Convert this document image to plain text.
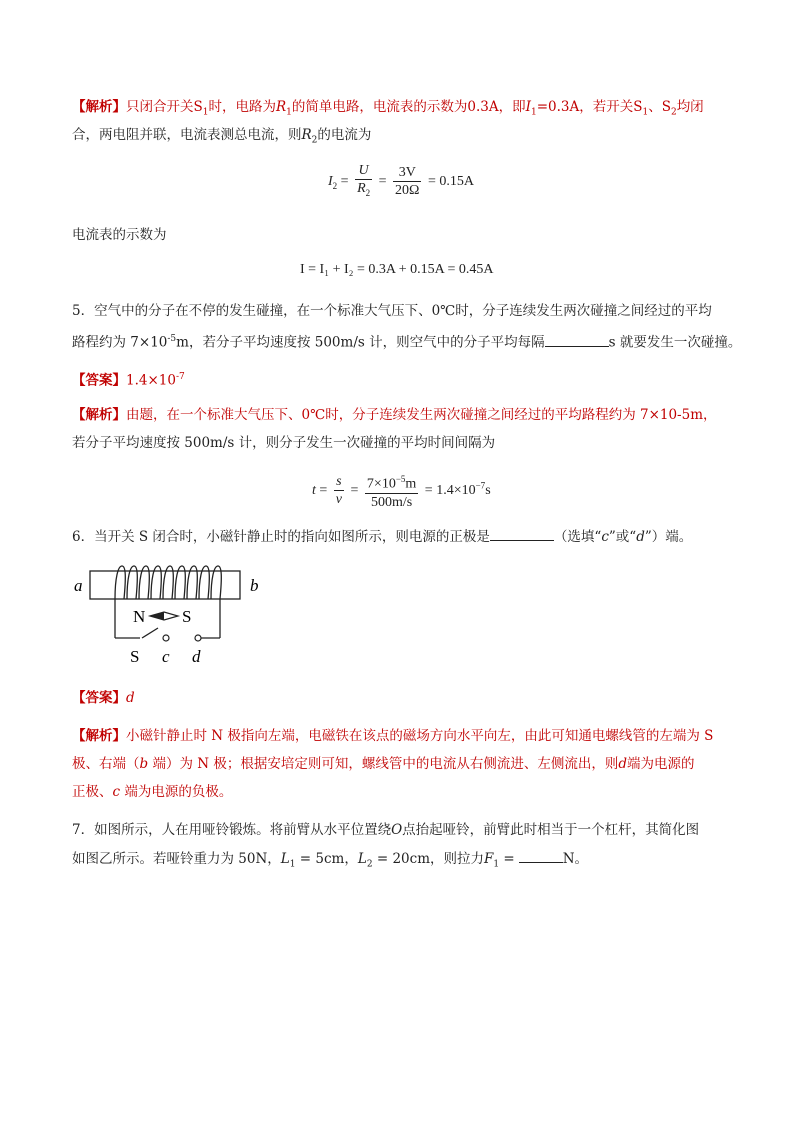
【解析】只闭合开关$S_1$时，电路为$R_1$的简单电路，电流表的示数为0.3A，即$I_1=0.3A$，若开关$S_1$、$S_2$均闭
合，两电阻并联，电流表测总电流，则$R_2$的电流为
$I_2 = \frac{U}{R_2} = \frac{3V}{20\Omega} = 0.15A$
电流表的示数为
I = I₁ + I₂ = 0.3A + 0.15A = 0.45A
5．空气中的分子在不停的发生碰撞，在一个标准大气压下、0℃时，分子连续发生两次碰撞之间经过的平均
路程约为 $7\times 10^{-5}m$，若分子平均速度按 500m/s 计，则空气中的分子平均每隔	s 就要发生一次碰撞。
【答案】$1.4\times 10^{-7}$
【解析】由题，在一个标准大气压下、0℃时，分子连续发生两次碰撞之间经过的平均路程约为 7×10-5m，
若分子平均速度按 500m/s 计，则分子发生一次碰撞的平均时间间隔为
$t = \frac{s}{v} = \frac{7\times 10^{-5}m}{500m/s} = 1.4\times 10^{-7}s$
6．当开关 S 闭合时，小磁针静止时的指向如图所示，则电源的正极是	（选填“c”或“d”）端。
a	b
N S
S c d
【答案】d
【解析】小磁针静止时 N 极指向左端，电磁铁在该点的磁场方向水平向左，由此可知通电螺线管的左端为 S
极、右端（b 端）为 N 极；根据安培定则可知，螺线管中的电流从右侧流进、左侧流出，则d端为电源的
正极、c 端为电源的负极。
7．如图所示，人在用哑铃锻炼。将前臂从水平位置绕O点抬起哑铃，前臂此时相当于一个杠杆，其简化图
如图乙所示。若哑铃重力为 50N，$L_1 = 5cm$，$L_2 = 20cm$，则拉力$F_1$ =	N。
